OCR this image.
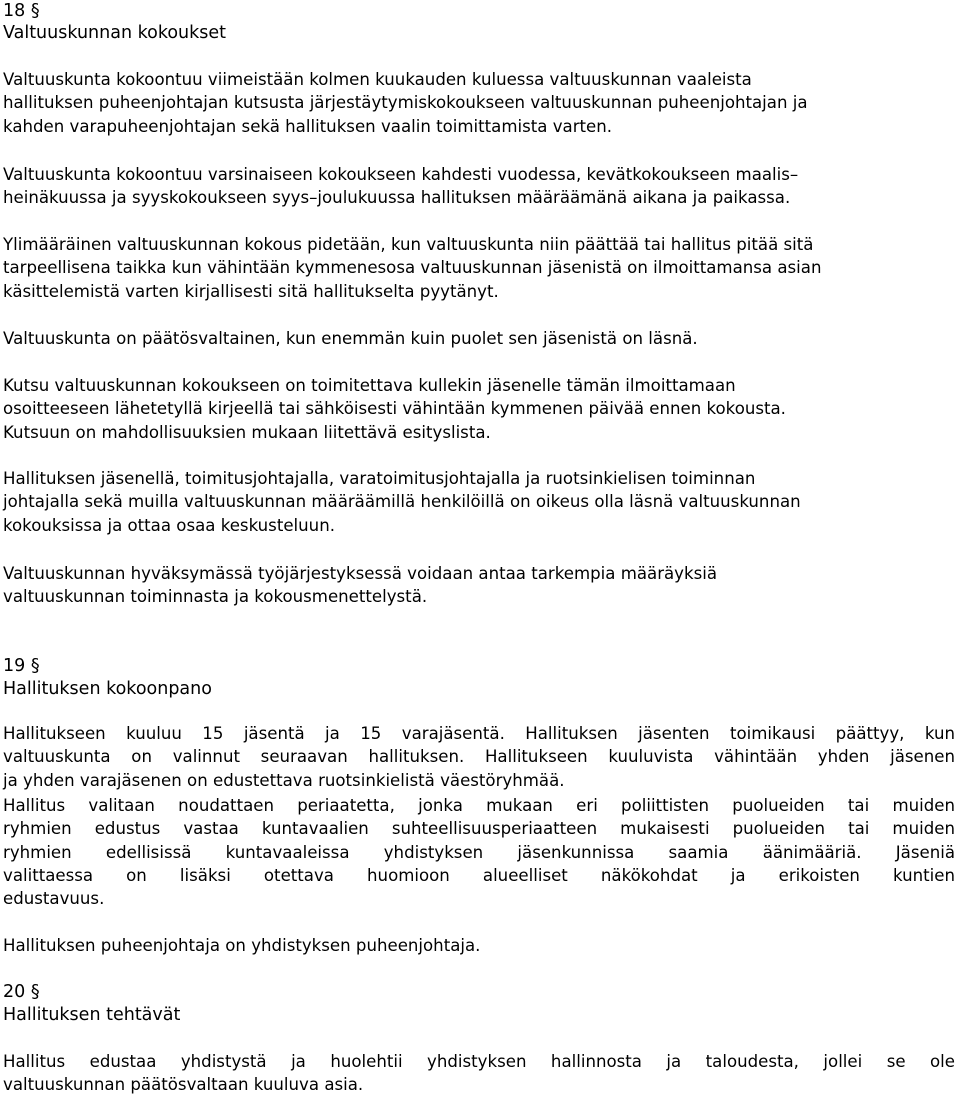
18 §
Valtuuskunnan kokoukset
Valtuuskunta kokoontuu viimeistään kolmen kuukauden kuluessa valtuuskunnan vaaleista
hallituksen puheenjohtajan kutsusta järjestäytymiskokoukseen valtuuskunnan puheenjohtajan ja
kahden varapuheenjohtajan sekä hallituksen vaalin toimittamista varten.
Valtuuskunta kokoontuu varsinaiseen kokoukseen kahdesti vuodessa, kevätkokoukseen maalis–
heinäkuussa ja syyskokoukseen syys–joulukuussa hallituksen määräämänä aikana ja paikassa.
Ylimääräinen valtuuskunnan kokous pidetään, kun valtuuskunta niin päättää tai hallitus pitää sitä
tarpeellisena taikka kun vähintään kymmenesosa valtuuskunnan jäsenistä on ilmoittamansa asian
käsittelemistä varten kirjallisesti sitä hallitukselta pyytänyt.
Valtuuskunta on päätösvaltainen, kun enemmän kuin puolet sen jäsenistä on läsnä.
Kutsu valtuuskunnan kokoukseen on toimitettava kullekin jäsenelle tämän ilmoittamaan
osoitteeseen lähetetyllä kirjeellä tai sähköisesti vähintään kymmenen päivää ennen kokousta.
Kutsuun on mahdollisuuksien mukaan liitettävä esityslista.
Hallituksen jäsenellä, toimitusjohtajalla, varatoimitusjohtajalla ja ruotsinkielisen toiminnan
johtajalla sekä muilla valtuuskunnan määräämillä henkilöillä on oikeus olla läsnä valtuuskunnan
kokouksissa ja ottaa osaa keskusteluun.
Valtuuskunnan hyväksymässä työjärjestyksessä voidaan antaa tarkempia määräyksiä
valtuuskunnan toiminnasta ja kokousmenettelystä.
19 §
Hallituksen kokoonpano
Hallitukseen kuuluu 15 jäsentä ja 15 varajäsentä. Hallituksen jäsenten toimikausi päättyy, kun
valtuuskunta on valinnut seuraavan hallituksen. Hallitukseen kuuluvista vähintään yhden jäsenen
ja yhden varajäsenen on edustettava ruotsinkielistä väestöryhmää.
Hallitus valitaan noudattaen periaatetta, jonka mukaan eri poliittisten puolueiden tai muiden
ryhmien edustus vastaa kuntavaalien suhteellisuusperiaatteen mukaisesti puolueiden tai muiden
ryhmien edellisissä kuntavaaleissa yhdistyksen jäsenkunnissa saamia äänimääriä. Jäseniä
valittaessa on lisäksi otettava huomioon alueelliset näkökohdat ja erikoisten kuntien
edustavuus.
Hallituksen puheenjohtaja on yhdistyksen puheenjohtaja.
20 §
Hallituksen tehtävät
Hallitus edustaa yhdistystä ja huolehtii yhdistyksen hallinnosta ja taloudesta, jollei se ole
valtuuskunnan päätösvaltaan kuuluva asia.
